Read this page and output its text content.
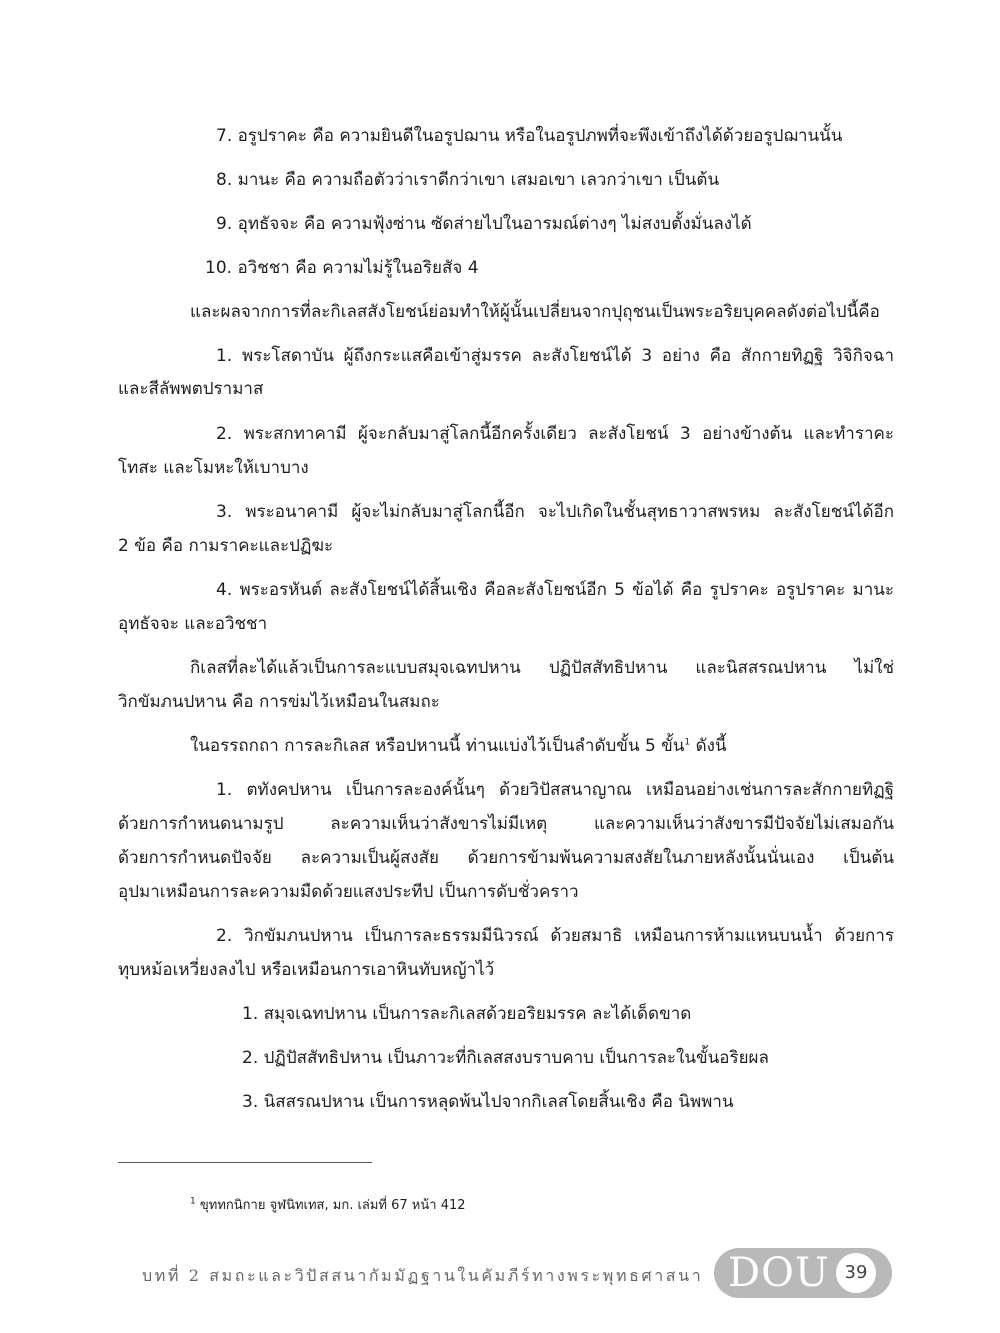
7. อรูปราคะ คือ ความยินดีในอรูปฌาน หรือในอรูปภพที่จะพึงเข้าถึงได้ด้วยอรูปฌานนั้น
8. มานะ คือ ความถือตัวว่าเราดีกว่าเขา เสมอเขา เลวกว่าเขา เป็นต้น
9. อุทธัจจะ คือ ความฟุ้งซ่าน ซัดส่ายไปในอารมณ์ต่างๆ ไม่สงบตั้งมั่นลงได้
10. อวิชชา คือ ความไม่รู้ในอริยสัจ 4
และผลจากการที่ละกิเลสสังโยชน์ย่อมทำให้ผู้นั้นเปลี่ยนจากปุถุชนเป็นพระอริยบุคคลดังต่อไปนี้คือ
1. พระโสดาบัน ผู้ถึงกระแสคือเข้าสู่มรรค ละสังโยชน์ได้ 3 อย่าง คือ สักกายทิฏฐิ วิจิกิจฉา
และสีลัพพตปรามาส
2. พระสกทาคามี ผู้จะกลับมาสู่โลกนี้อีกครั้งเดียว ละสังโยชน์ 3 อย่างข้างต้น และทำราคะ
โทสะ และโมหะให้เบาบาง
3. พระอนาคามี ผู้จะไม่กลับมาสู่โลกนี้อีก จะไปเกิดในชั้นสุทธาวาสพรหม ละสังโยชน์ได้อีก
2 ข้อ คือ กามราคะและปฏิฆะ
4. พระอรหันต์ ละสังโยชน์ได้สิ้นเชิง คือละสังโยชน์อีก 5 ข้อได้ คือ รูปราคะ อรูปราคะ มานะ
อุทธัจจะ และอวิชชา
กิเลสที่ละได้แล้วเป็นการละแบบสมุจเฉทปหาน ปฏิปัสสัทธิปหาน และนิสสรณปหาน ไม่ใช่
วิกขัมภนปหาน คือ การข่มไว้เหมือนในสมถะ
ในอรรถกถา การละกิเลส หรือปหานนี้ ท่านแบ่งไว้เป็นลำดับขั้น 5 ขั้น$^1$ ดังนี้
1. ตทังคปหาน เป็นการละองค์นั้นๆ ด้วยวิปัสสนาญาณ เหมือนอย่างเช่นการละสักกายทิฏฐิ
ด้วยการกำหนดนามรูป ละความเห็นว่าสังขารไม่มีเหตุ และความเห็นว่าสังขารมีปัจจัยไม่เสมอกัน
ด้วยการกำหนดปัจจัย ละความเป็นผู้สงสัย ด้วยการข้ามพ้นความสงสัยในภายหลังนั้นนั่นเอง เป็นต้น
อุปมาเหมือนการละความมืดด้วยแสงประทีป เป็นการดับชั่วคราว
2. วิกขัมภนปหาน เป็นการละธรรมมีนิวรณ์ ด้วยสมาธิ เหมือนการห้ามแหนบนน้ำ ด้วยการ
ทุบหม้อเหวี่ยงลงไป หรือเหมือนการเอาหินทับหญ้าไว้
1. สมุจเฉทปหาน เป็นการละกิเลสด้วยอริยมรรค ละได้เด็ดขาด
2. ปฏิปัสสัทธิปหาน เป็นภาวะที่กิเลสสงบราบคาบ เป็นการละในขั้นอริยผล
3. นิสสรณปหาน เป็นการหลุดพ้นไปจากกิเลสโดยสิ้นเชิง คือ นิพพาน
$^1$ ขุททกนิกาย จูฬนิทเทส, มก. เล่มที่ 67 หน้า 412
บทที่ 2 สมถะและวิปัสสนากัมมัฏฐานในคัมภีร์ทางพระพุทธศาสนา DOU 39
